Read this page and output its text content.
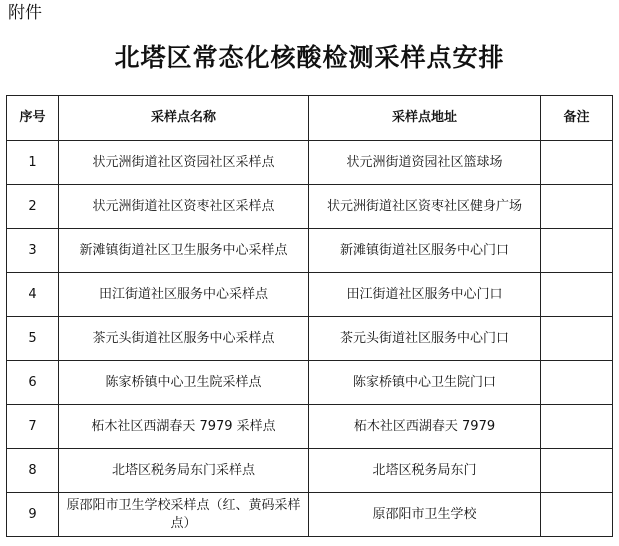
附件
北塔区常态化核酸检测采样点安排
序号	采样点名称	采样点地址	备注
1	状元洲街道社区资园社区采样点	状元洲街道资园社区篮球场	
2	状元洲街道社区资枣社区采样点	状元洲街道社区资枣社区健身广场	
3	新滩镇街道社区卫生服务中心采样点	新滩镇街道社区服务中心门口	
4	田江街道社区服务中心采样点	田江街道社区服务中心门口	
5	茶元头街道社区服务中心采样点	茶元头街道社区服务中心门口	
6	陈家桥镇中心卫生院采样点	陈家桥镇中心卫生院门口	
7	柘木社区西湖春天 7979 采样点	柘木社区西湖春天 7979	
8	北塔区税务局东门采样点	北塔区税务局东门	
9	原邵阳市卫生学校采样点（红、黄码采样点）	原邵阳市卫生学校	
